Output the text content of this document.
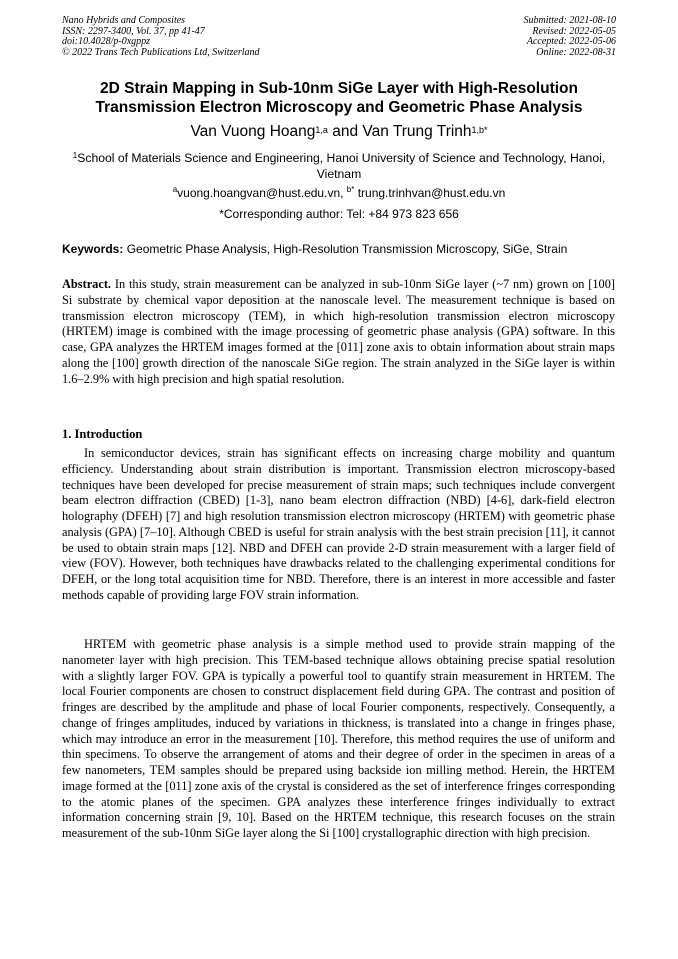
Nano Hybrids and Composites
ISSN: 2297-3400, Vol. 37, pp 41-47
doi:10.4028/p-0xgppz
© 2022 Trans Tech Publications Ltd, Switzerland
Submitted: 2021-08-10
Revised: 2022-05-05
Accepted: 2022-05-06
Online: 2022-08-31
2D Strain Mapping in Sub-10nm SiGe Layer with High-Resolution
Transmission Electron Microscopy and Geometric Phase Analysis
Van Vuong Hoang$^{1,a}$ and Van Trung Trinh$^{1,b*}$
$^1$School of Materials Science and Engineering, Hanoi University of Science and Technology, Hanoi, Vietnam
$^a$vuong.hoangvan@hust.edu.vn, $^{b*}$ trung.trinhvan@hust.edu.vn
*Corresponding author: Tel: +84 973 823 656
Keywords: Geometric Phase Analysis, High-Resolution Transmission Microscopy, SiGe, Strain
Abstract. In this study, strain measurement can be analyzed in sub-10nm SiGe layer (~7 nm) grown on [100] Si substrate by chemical vapor deposition at the nanoscale level. The measurement technique is based on transmission electron microscopy (TEM), in which high-resolution transmission electron microscopy (HRTEM) image is combined with the image processing of geometric phase analysis (GPA) software. In this case, GPA analyzes the HRTEM images formed at the [011] zone axis to obtain information about strain maps along the [100] growth direction of the nanoscale SiGe region. The strain analyzed in the SiGe layer is within 1.6–2.9% with high precision and high spatial resolution.
1. Introduction
In semiconductor devices, strain has significant effects on increasing charge mobility and quantum efficiency. Understanding about strain distribution is important. Transmission electron microscopy-based techniques have been developed for precise measurement of strain maps; such techniques include convergent beam electron diffraction (CBED) [1-3], nano beam electron diffraction (NBD) [4-6], dark-field electron holography (DFEH) [7] and high resolution transmission electron microscopy (HRTEM) with geometric phase analysis (GPA) [7–10]. Although CBED is useful for strain analysis with the best strain precision [11], it cannot be used to obtain strain maps [12]. NBD and DFEH can provide 2-D strain measurement with a larger field of view (FOV). However, both techniques have drawbacks related to the challenging experimental conditions for DFEH, or the long total acquisition time for NBD. Therefore, there is an interest in more accessible and faster methods capable of providing large FOV strain information.
HRTEM with geometric phase analysis is a simple method used to provide strain mapping of the nanometer layer with high precision. This TEM-based technique allows obtaining precise spatial resolution with a slightly larger FOV. GPA is typically a powerful tool to quantify strain measurement in HRTEM. The local Fourier components are chosen to construct displacement field during GPA. The contrast and position of fringes are described by the amplitude and phase of local Fourier components, respectively. Consequently, a change of fringes amplitudes, induced by variations in thickness, is translated into a change in fringes phase, which may introduce an error in the measurement [10]. Therefore, this method requires the use of uniform and thin specimens. To observe the arrangement of atoms and their degree of order in the specimen in areas of a few nanometers, TEM samples should be prepared using backside ion milling method. Herein, the HRTEM image formed at the [011] zone axis of the crystal is considered as the set of interference fringes corresponding to the atomic planes of the specimen. GPA analyzes these interference fringes individually to extract information concerning strain [9, 10]. Based on the HRTEM technique, this research focuses on the strain measurement of the sub-10nm SiGe layer along the Si [100] crystallographic direction with high precision.
